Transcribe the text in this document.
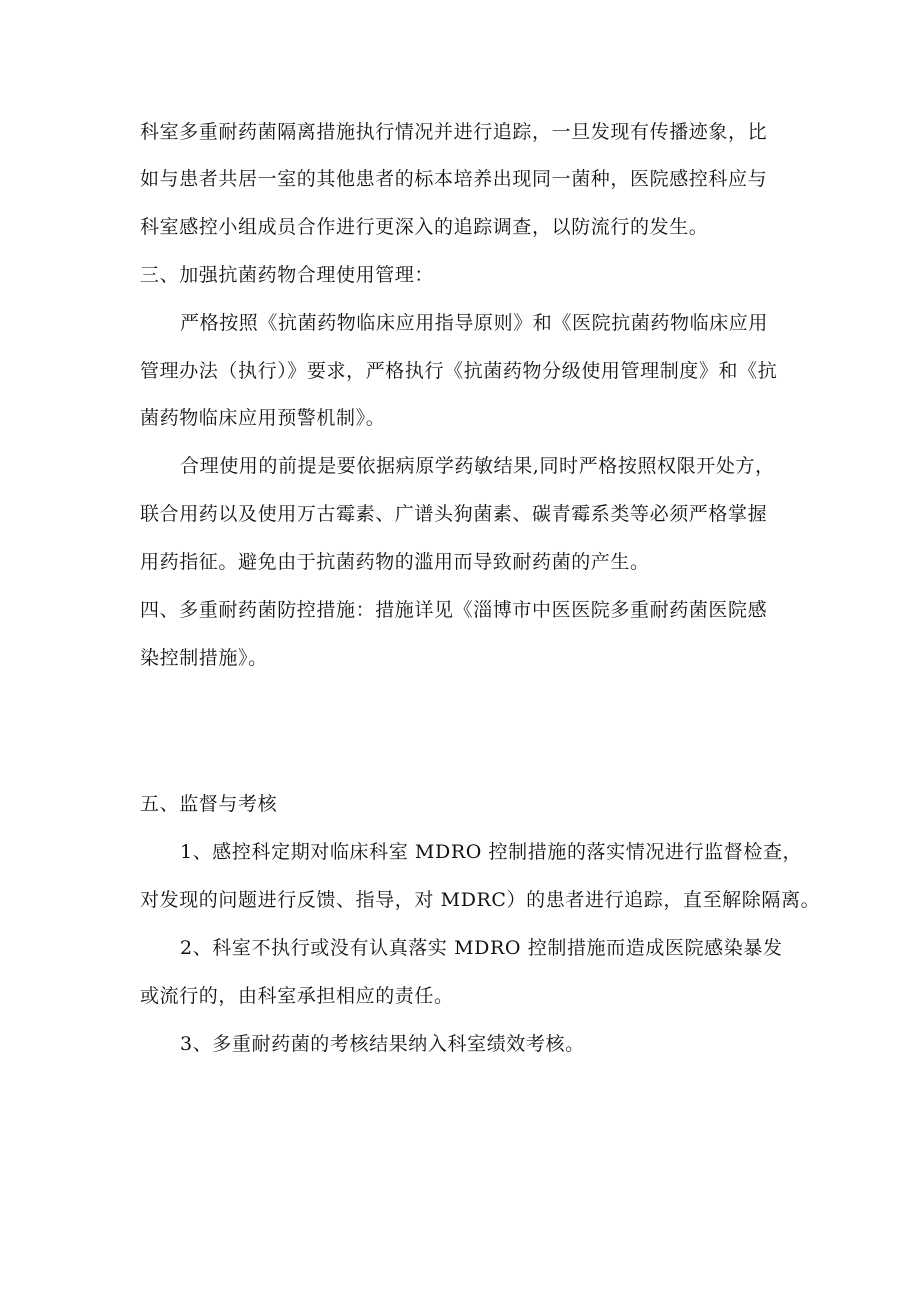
科室多重耐药菌隔离措施执行情况并进行追踪，一旦发现有传播迹象，比
如与患者共居一室的其他患者的标本培养出现同一菌种，医院感控科应与
科室感控小组成员合作进行更深入的追踪调查，以防流行的发生。
三、加强抗菌药物合理使用管理：
严格按照《抗菌药物临床应用指导原则》和《医院抗菌药物临床应用
管理办法（执行）》要求，严格执行《抗菌药物分级使用管理制度》和《抗
菌药物临床应用预警机制》。
合理使用的前提是要依据病原学药敏结果,同时严格按照权限开处方，
联合用药以及使用万古霉素、广谱头狗菌素、碳青霉系类等必须严格掌握
用药指征。避免由于抗菌药物的滥用而导致耐药菌的产生。
四、多重耐药菌防控措施：措施详见《淄博市中医医院多重耐药菌医院感
染控制措施》。
五、监督与考核
1、感控科定期对临床科室 MDRO 控制措施的落实情况进行监督检查，
对发现的问题进行反馈、指导，对 MDRC）的患者进行追踪，直至解除隔离。
2、科室不执行或没有认真落实 MDRO 控制措施而造成医院感染暴发
或流行的，由科室承担相应的责任。
3、多重耐药菌的考核结果纳入科室绩效考核。
